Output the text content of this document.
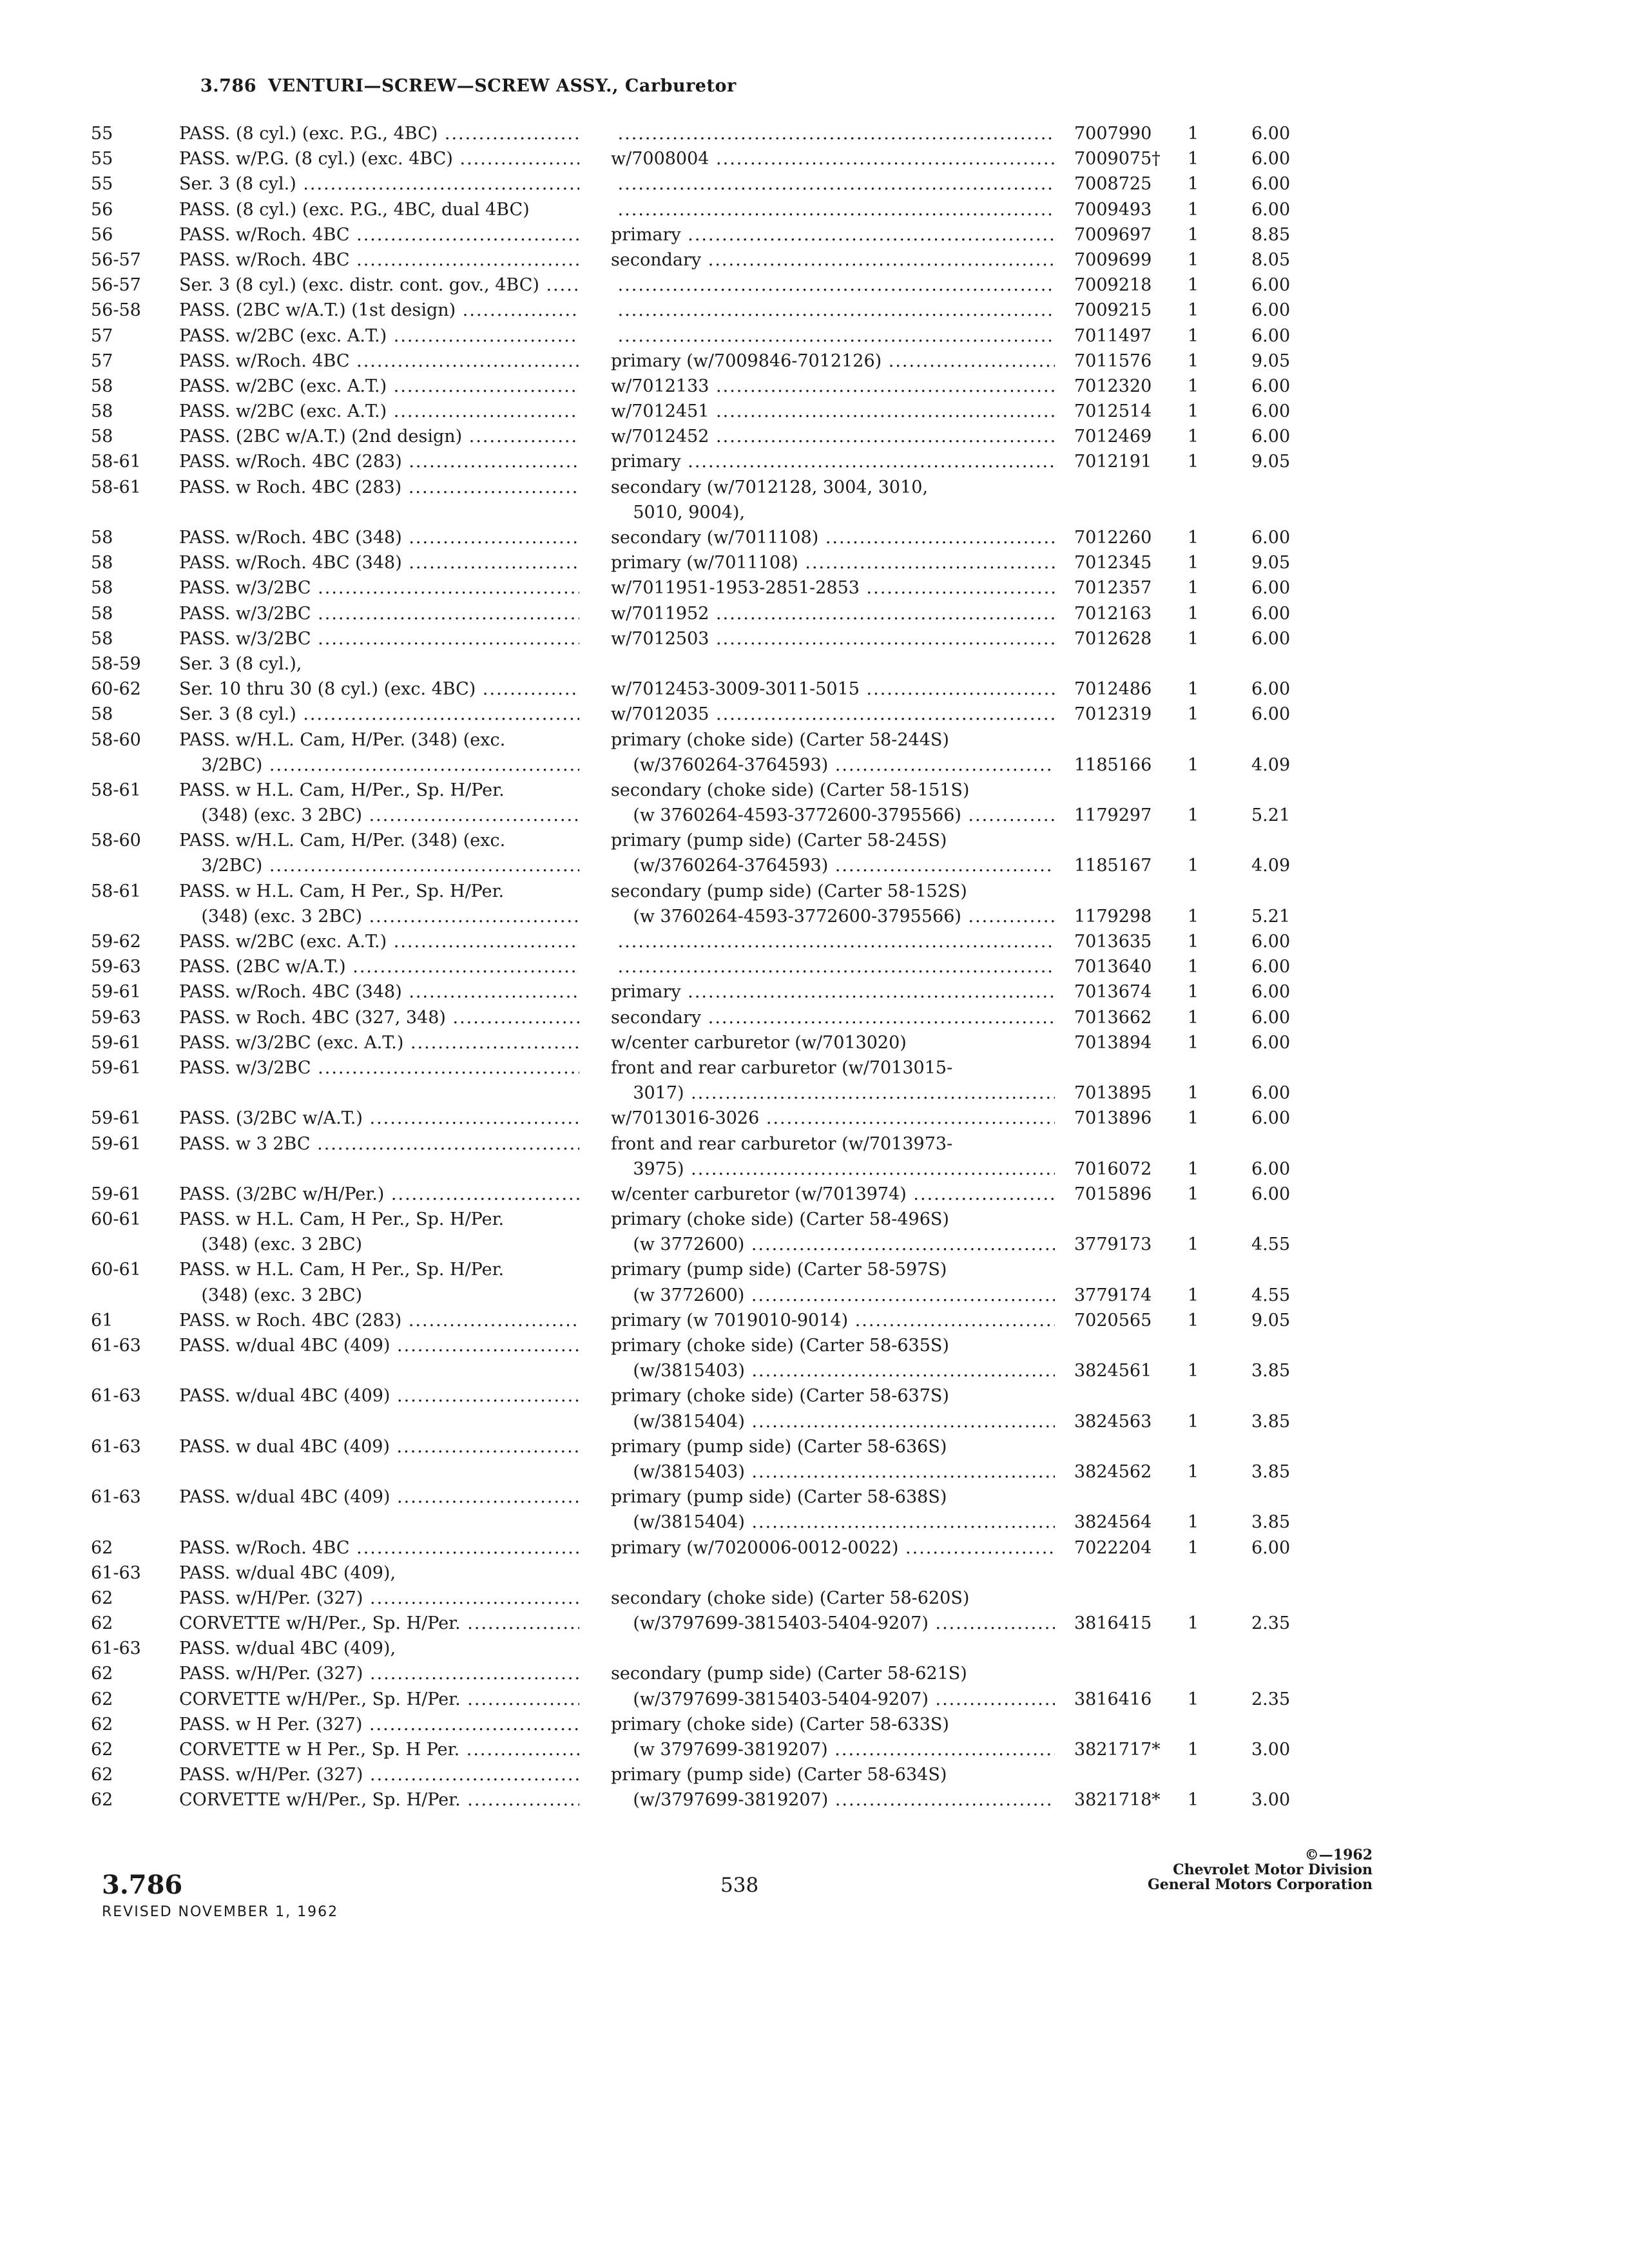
3.786 VENTURI—SCREW—SCREW ASSY., Carburetor
55	PASS. (8 cyl.) (exc. P.G., 4BC) ..... .....	7007990	1	6.00
55	PASS. w/P.G. (8 cyl.) (exc. 4BC) .....	w/7008004 .....	7009075†	1	6.00
55	Ser. 3 (8 cyl.) ..... .....	7008725	1	6.00
56	PASS. (8 cyl.) (exc. P.G., 4BC, dual 4BC) .....	7009493	1	6.00
56	PASS. w/Roch. 4BC .....	primary .....	7009697	1	8.85
56-57	PASS. w/Roch. 4BC .....	secondary .....	7009699	1	8.05
56-57	Ser. 3 (8 cyl.) (exc. distr. cont. gov., 4BC) ..... .....	7009218	1	6.00
56-58	PASS. (2BC w/A.T.) (1st design) ..... .....	7009215	1	6.00
57	PASS. w/2BC (exc. A.T.) ..... .....	7011497	1	6.00
57	PASS. w/Roch. 4BC .....	primary (w/7009846-7012126) .....	7011576	1	9.05
58	PASS. w/2BC (exc. A.T.) .....	w/7012133 .....	7012320	1	6.00
58	PASS. w/2BC (exc. A.T.) .....	w/7012451 .....	7012514	1	6.00
58	PASS. (2BC w/A.T.) (2nd design) .....	w/7012452 .....	7012469	1	6.00
58-61	PASS. w/Roch. 4BC (283) .....	primary .....	7012191	1	9.05
58-61	PASS. w Roch. 4BC (283) .....	secondary (w/7012128, 3004, 3010,
5010, 9004),
58	PASS. w/Roch. 4BC (348) .....	secondary (w/7011108) .....	7012260	1	6.00
58	PASS. w/Roch. 4BC (348) .....	primary (w/7011108) .....	7012345	1	9.05
58	PASS. w/3/2BC .....	w/7011951-1953-2851-2853 .....	7012357	1	6.00
58	PASS. w/3/2BC .....	w/7011952 .....	7012163	1	6.00
58	PASS. w/3/2BC .....	w/7012503 .....	7012628	1	6.00
58-59	Ser. 3 (8 cyl.),
60-62	Ser. 10 thru 30 (8 cyl.) (exc. 4BC) .....	w/7012453-3009-3011-5015 .....	7012486	1	6.00
58	Ser. 3 (8 cyl.) .....	w/7012035 .....	7012319	1	6.00
58-60	PASS. w/H.L. Cam, H/Per. (348) (exc.	primary (choke side) (Carter 58-244S)
3/2BC) .....	(w/3760264-3764593) .....	1185166	1	4.09
58-61	PASS. w H.L. Cam, H/Per., Sp. H/Per.	secondary (choke side) (Carter 58-151S)
(348) (exc. 3 2BC) .....	(w 3760264-4593-3772600-3795566) .....	1179297	1	5.21
58-60	PASS. w/H.L. Cam, H/Per. (348) (exc.	primary (pump side) (Carter 58-245S)
3/2BC) .....	(w/3760264-3764593) .....	1185167	1	4.09
58-61	PASS. w H.L. Cam, H Per., Sp. H/Per.	secondary (pump side) (Carter 58-152S)
(348) (exc. 3 2BC) .....	(w 3760264-4593-3772600-3795566) .....	1179298	1	5.21
59-62	PASS. w/2BC (exc. A.T.) ..... .....	7013635	1	6.00
59-63	PASS. (2BC w/A.T.) ..... .....	7013640	1	6.00
59-61	PASS. w/Roch. 4BC (348) .....	primary .....	7013674	1	6.00
59-63	PASS. w Roch. 4BC (327, 348) .....	secondary .....	7013662	1	6.00
59-61	PASS. w/3/2BC (exc. A.T.) .....	w/center carburetor (w/7013020)	7013894	1	6.00
59-61	PASS. w/3/2BC .....	front and rear carburetor (w/7013015-
3017) .....	7013895	1	6.00
59-61	PASS. (3/2BC w/A.T.) .....	w/7013016-3026 .....	7013896	1	6.00
59-61	PASS. w 3 2BC .....	front and rear carburetor (w/7013973-
3975) .....	7016072	1	6.00
59-61	PASS. (3/2BC w/H/Per.) .....	w/center carburetor (w/7013974) .....	7015896	1	6.00
60-61	PASS. w H.L. Cam, H Per., Sp. H/Per.	primary (choke side) (Carter 58-496S)
(348) (exc. 3 2BC)	(w 3772600) .....	3779173	1	4.55
60-61	PASS. w H.L. Cam, H Per., Sp. H/Per.	primary (pump side) (Carter 58-597S)
(348) (exc. 3 2BC)	(w 3772600) .....	3779174	1	4.55
61	PASS. w Roch. 4BC (283) .....	primary (w 7019010-9014) .....	7020565	1	9.05
61-63	PASS. w/dual 4BC (409) .....	primary (choke side) (Carter 58-635S)
(w/3815403) .....	3824561	1	3.85
61-63	PASS. w/dual 4BC (409) .....	primary (choke side) (Carter 58-637S)
(w/3815404) .....	3824563	1	3.85
61-63	PASS. w dual 4BC (409) .....	primary (pump side) (Carter 58-636S)
(w/3815403) .....	3824562	1	3.85
61-63	PASS. w/dual 4BC (409) .....	primary (pump side) (Carter 58-638S)
(w/3815404) .....	3824564	1	3.85
62	PASS. w/Roch. 4BC .....	primary (w/7020006-0012-0022) .....	7022204	1	6.00
61-63	PASS. w/dual 4BC (409),
62	PASS. w/H/Per. (327) .....	secondary (choke side) (Carter 58-620S)
62	CORVETTE w/H/Per., Sp. H/Per. .....	(w/3797699-3815403-5404-9207) .....	3816415	1	2.35
61-63	PASS. w/dual 4BC (409),
62	PASS. w/H/Per. (327) .....	secondary (pump side) (Carter 58-621S)
62	CORVETTE w/H/Per., Sp. H/Per. .....	(w/3797699-3815403-5404-9207) .....	3816416	1	2.35
62	PASS. w H Per. (327) .....	primary (choke side) (Carter 58-633S)
62	CORVETTE w H Per., Sp. H Per. .....	(w 3797699-3819207) .....	3821717*	1	3.00
62	PASS. w/H/Per. (327) .....	primary (pump side) (Carter 58-634S)
62	CORVETTE w/H/Per., Sp. H/Per. .....	(w/3797699-3819207) .....	3821718*	1	3.00
3.786
REVISED NOVEMBER 1, 1962
538
©—1962
Chevrolet Motor Division
General Motors Corporation
